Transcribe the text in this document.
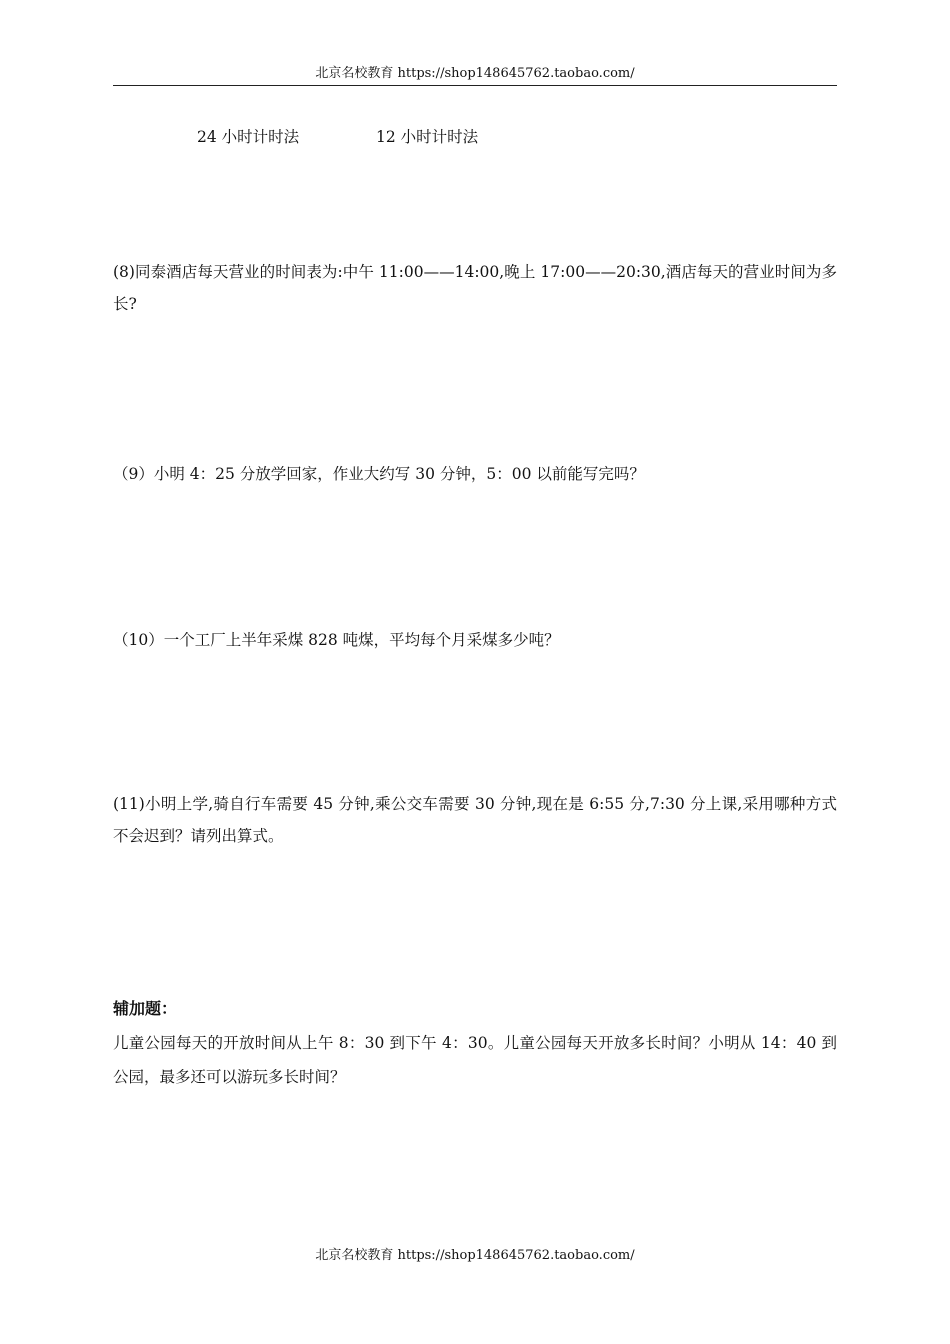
北京名校教育 https://shop148645762.taobao.com/
24 小时计时法	12 小时计时法
(8)同泰酒店每天营业的时间表为:中午 11:00——14:00,晚上 17:00——20:30,酒店每天的营业时间为多长?
（9）小明 4：25 分放学回家，作业大约写 30 分钟，5：00 以前能写完吗？
（10）一个工厂上半年采煤 828 吨煤，平均每个月采煤多少吨？
(11)小明上学,骑自行车需要 45 分钟,乘公交车需要 30 分钟,现在是 6:55 分,7:30 分上课,采用哪种方式不会迟到？请列出算式。
辅加题：
儿童公园每天的开放时间从上午 8：30 到下午 4：30。儿童公园每天开放多长时间？小明从 14：40 到公园，最多还可以游玩多长时间？
北京名校教育 https://shop148645762.taobao.com/
